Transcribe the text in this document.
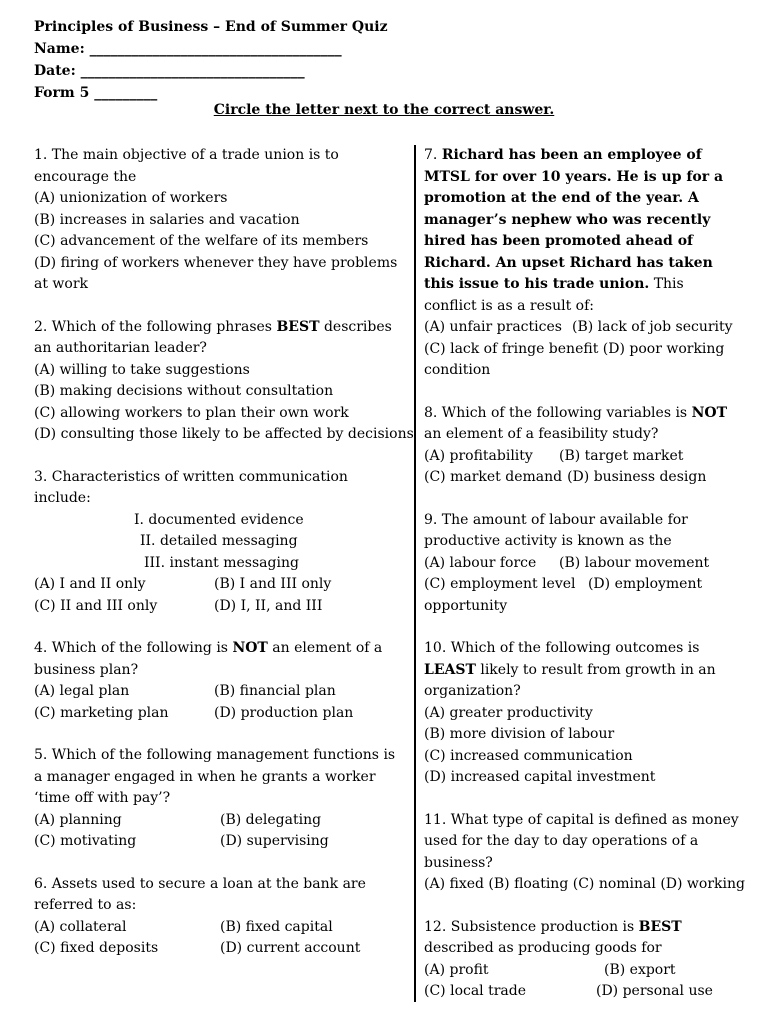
Principles of Business – End of Summer Quiz
Name: ____________________________________
Date: ________________________________
Form 5 _________
Circle the letter next to the correct answer.
1. The main objective of a trade union is to encourage the
(A) unionization of workers
(B) increases in salaries and vacation
(C) advancement of the welfare of its members
(D) firing of workers whenever they have problems at work
2. Which of the following phrases BEST describes an authoritarian leader?
(A) willing to take suggestions
(B) making decisions without consultation
(C) allowing workers to plan their own work
(D) consulting those likely to be affected by decisions
3. Characteristics of written communication include:
I. documented evidence
II. detailed messaging
III. instant messaging
(A) I and II only	(B) I and III only
(C) II and III only	(D) I, II, and III
4. Which of the following is NOT an element of a business plan?
(A) legal plan	(B) financial plan
(C) marketing plan	(D) production plan
5. Which of the following management functions is a manager engaged in when he grants a worker ‘time off with pay’?
(A) planning	(B) delegating
(C) motivating	(D) supervising
6. Assets used to secure a loan at the bank are referred to as:
(A) collateral	(B) fixed capital
(C) fixed deposits	(D) current account
7. Richard has been an employee of MTSL for over 10 years. He is up for a promotion at the end of the year. A manager’s nephew who was recently hired has been promoted ahead of Richard. An upset Richard has taken this issue to his trade union. This conflict is as a result of:
(A) unfair practices (B) lack of job security
(C) lack of fringe benefit (D) poor working condition
8. Which of the following variables is NOT an element of a feasibility study?
(A) profitability	(B) target market
(C) market demand (D) business design
9. The amount of labour available for productive activity is known as the
(A) labour force	(B) labour movement
(C) employment level (D) employment opportunity
10. Which of the following outcomes is LEAST likely to result from growth in an organization?
(A) greater productivity
(B) more division of labour
(C) increased communication
(D) increased capital investment
11. What type of capital is defined as money used for the day to day operations of a business?
(A) fixed (B) floating (C) nominal (D) working
12. Subsistence production is BEST described as producing goods for
(A) profit	(B) export
(C) local trade	(D) personal use
